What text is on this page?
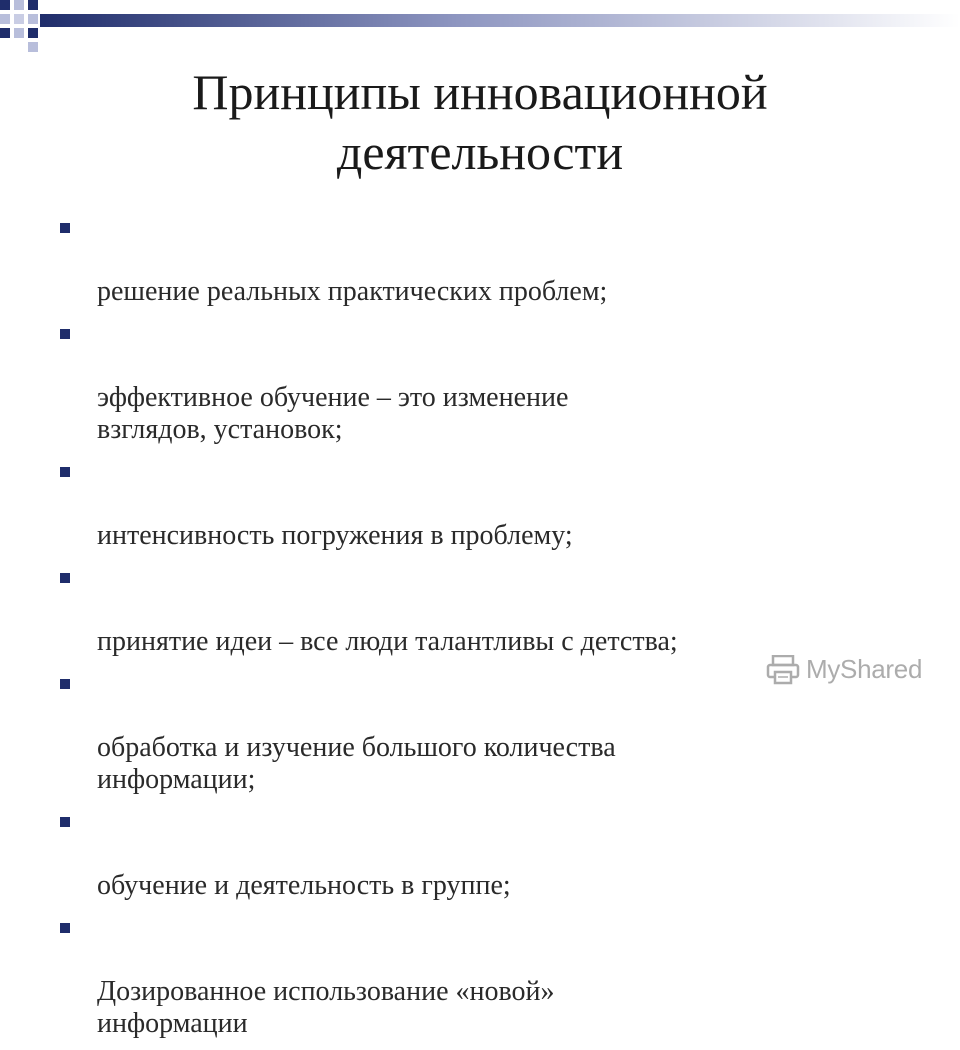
Принципы инновационной
деятельности

решение реальных практических проблем;

эффективное обучение – это изменение
взглядов, установок;

интенсивность погружения в проблему;

принятие идеи – все люди талантливы с детства;

обработка и изучение большого количества
информации;

обучение и деятельность в группе;

Дозированное использование «новой»
информации

MyShared
